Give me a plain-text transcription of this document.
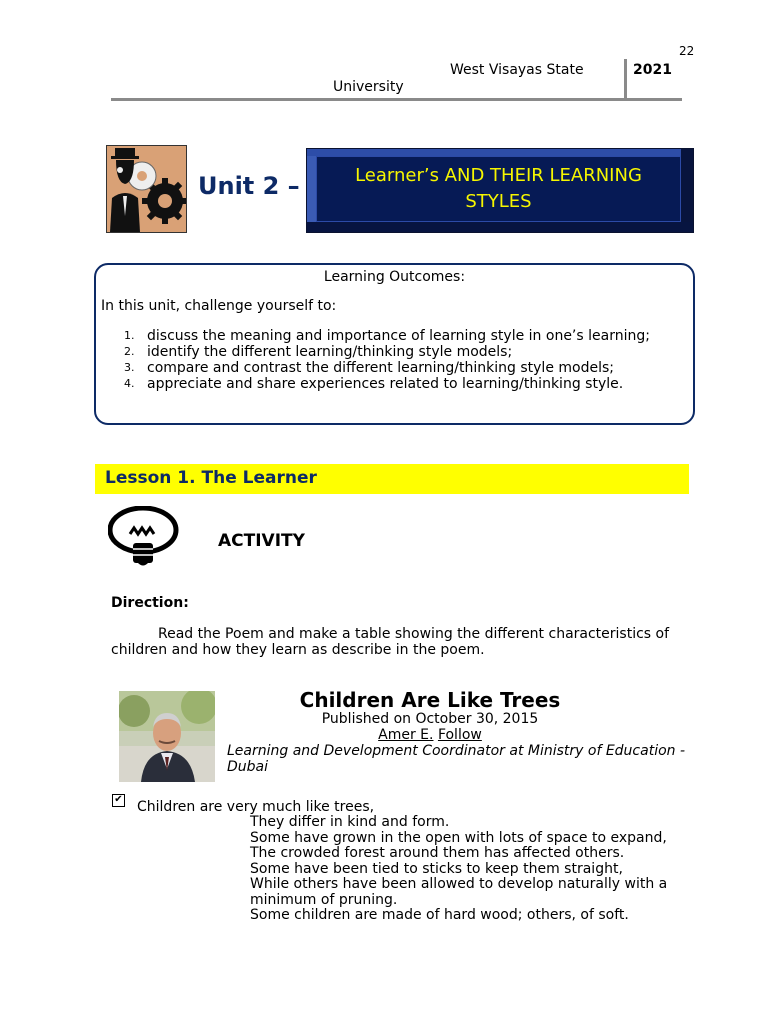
22
West Visayas State
University
2021
Unit 2 –	Learner’s AND THEIR LEARNING
STYLES
Learning Outcomes:
In this unit, challenge yourself to:
1. discuss the meaning and importance of learning style in one’s learning;
2. identify the different learning/thinking style models;
3. compare and contrast the different learning/thinking style models;
4. appreciate and share experiences related to learning/thinking style.
Lesson 1. The Learner
ACTIVITY
Direction:
Read the Poem and make a table showing the different characteristics of children and how they learn as describe in the poem.
Children Are Like Trees
Published on October 30, 2015
Amer E. Follow
Learning and Development Coordinator at Ministry of Education - Dubai
✔ Children are very much like trees,
They differ in kind and form.
Some have grown in the open with lots of space to expand,
The crowded forest around them has affected others.
Some have been tied to sticks to keep them straight,
While others have been allowed to develop naturally with a
minimum of pruning.
Some children are made of hard wood; others, of soft.
